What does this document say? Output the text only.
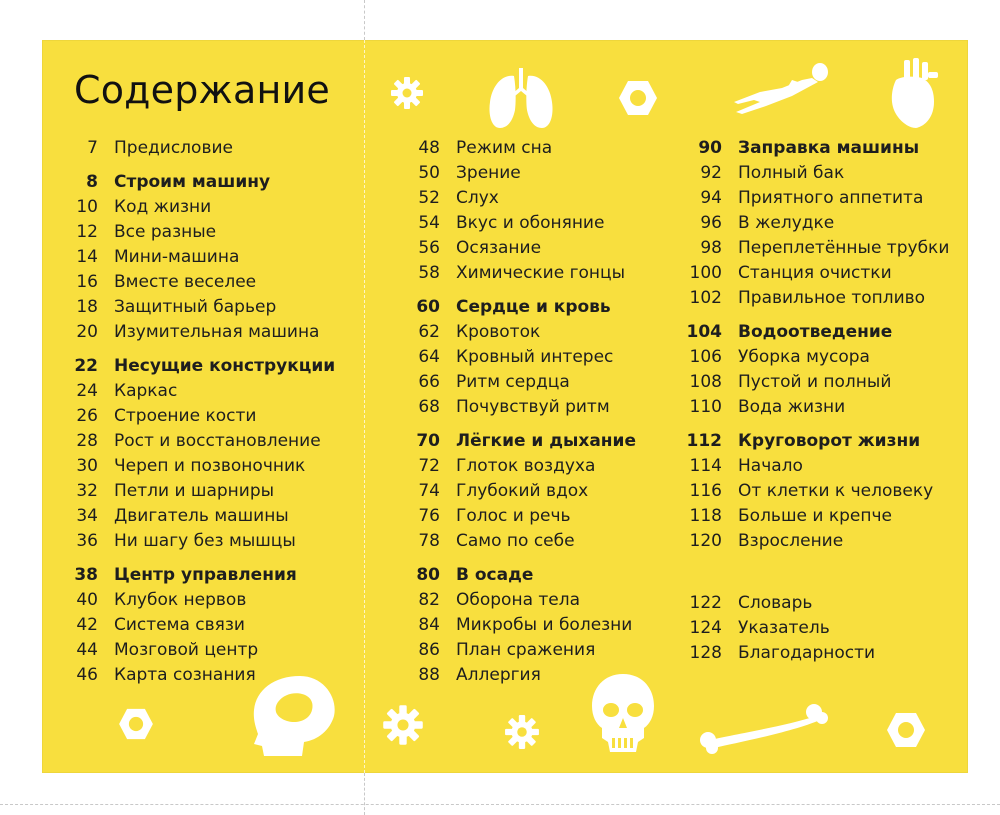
Содержание
7 Предисловие
8 Строим машину
10 Код жизни
12 Все разные
14 Мини-машина
16 Вместе веселее
18 Защитный барьер
20 Изумительная машина
22 Несущие конструкции
24 Каркас
26 Строение кости
28 Рост и восстановление
30 Череп и позвоночник
32 Петли и шарниры
34 Двигатель машины
36 Ни шагу без мышцы
38 Центр управления
40 Клубок нервов
42 Система связи
44 Мозговой центр
46 Карта сознания
48 Режим сна
50 Зрение
52 Слух
54 Вкус и обоняние
56 Осязание
58 Химические гонцы
60 Сердце и кровь
62 Кровоток
64 Кровный интерес
66 Ритм сердца
68 Почувствуй ритм
70 Лёгкие и дыхание
72 Глоток воздуха
74 Глубокий вдох
76 Голос и речь
78 Само по себе
80 В осаде
82 Оборона тела
84 Микробы и болезни
86 План сражения
88 Аллергия
90 Заправка машины
92 Полный бак
94 Приятного аппетита
96 В желудке
98 Переплетённые трубки
100 Станция очистки
102 Правильное топливо
104 Водоотведение
106 Уборка мусора
108 Пустой и полный
110 Вода жизни
112 Круговорот жизни
114 Начало
116 От клетки к человеку
118 Больше и крепче
120 Взросление
122 Словарь
124 Указатель
128 Благодарности
